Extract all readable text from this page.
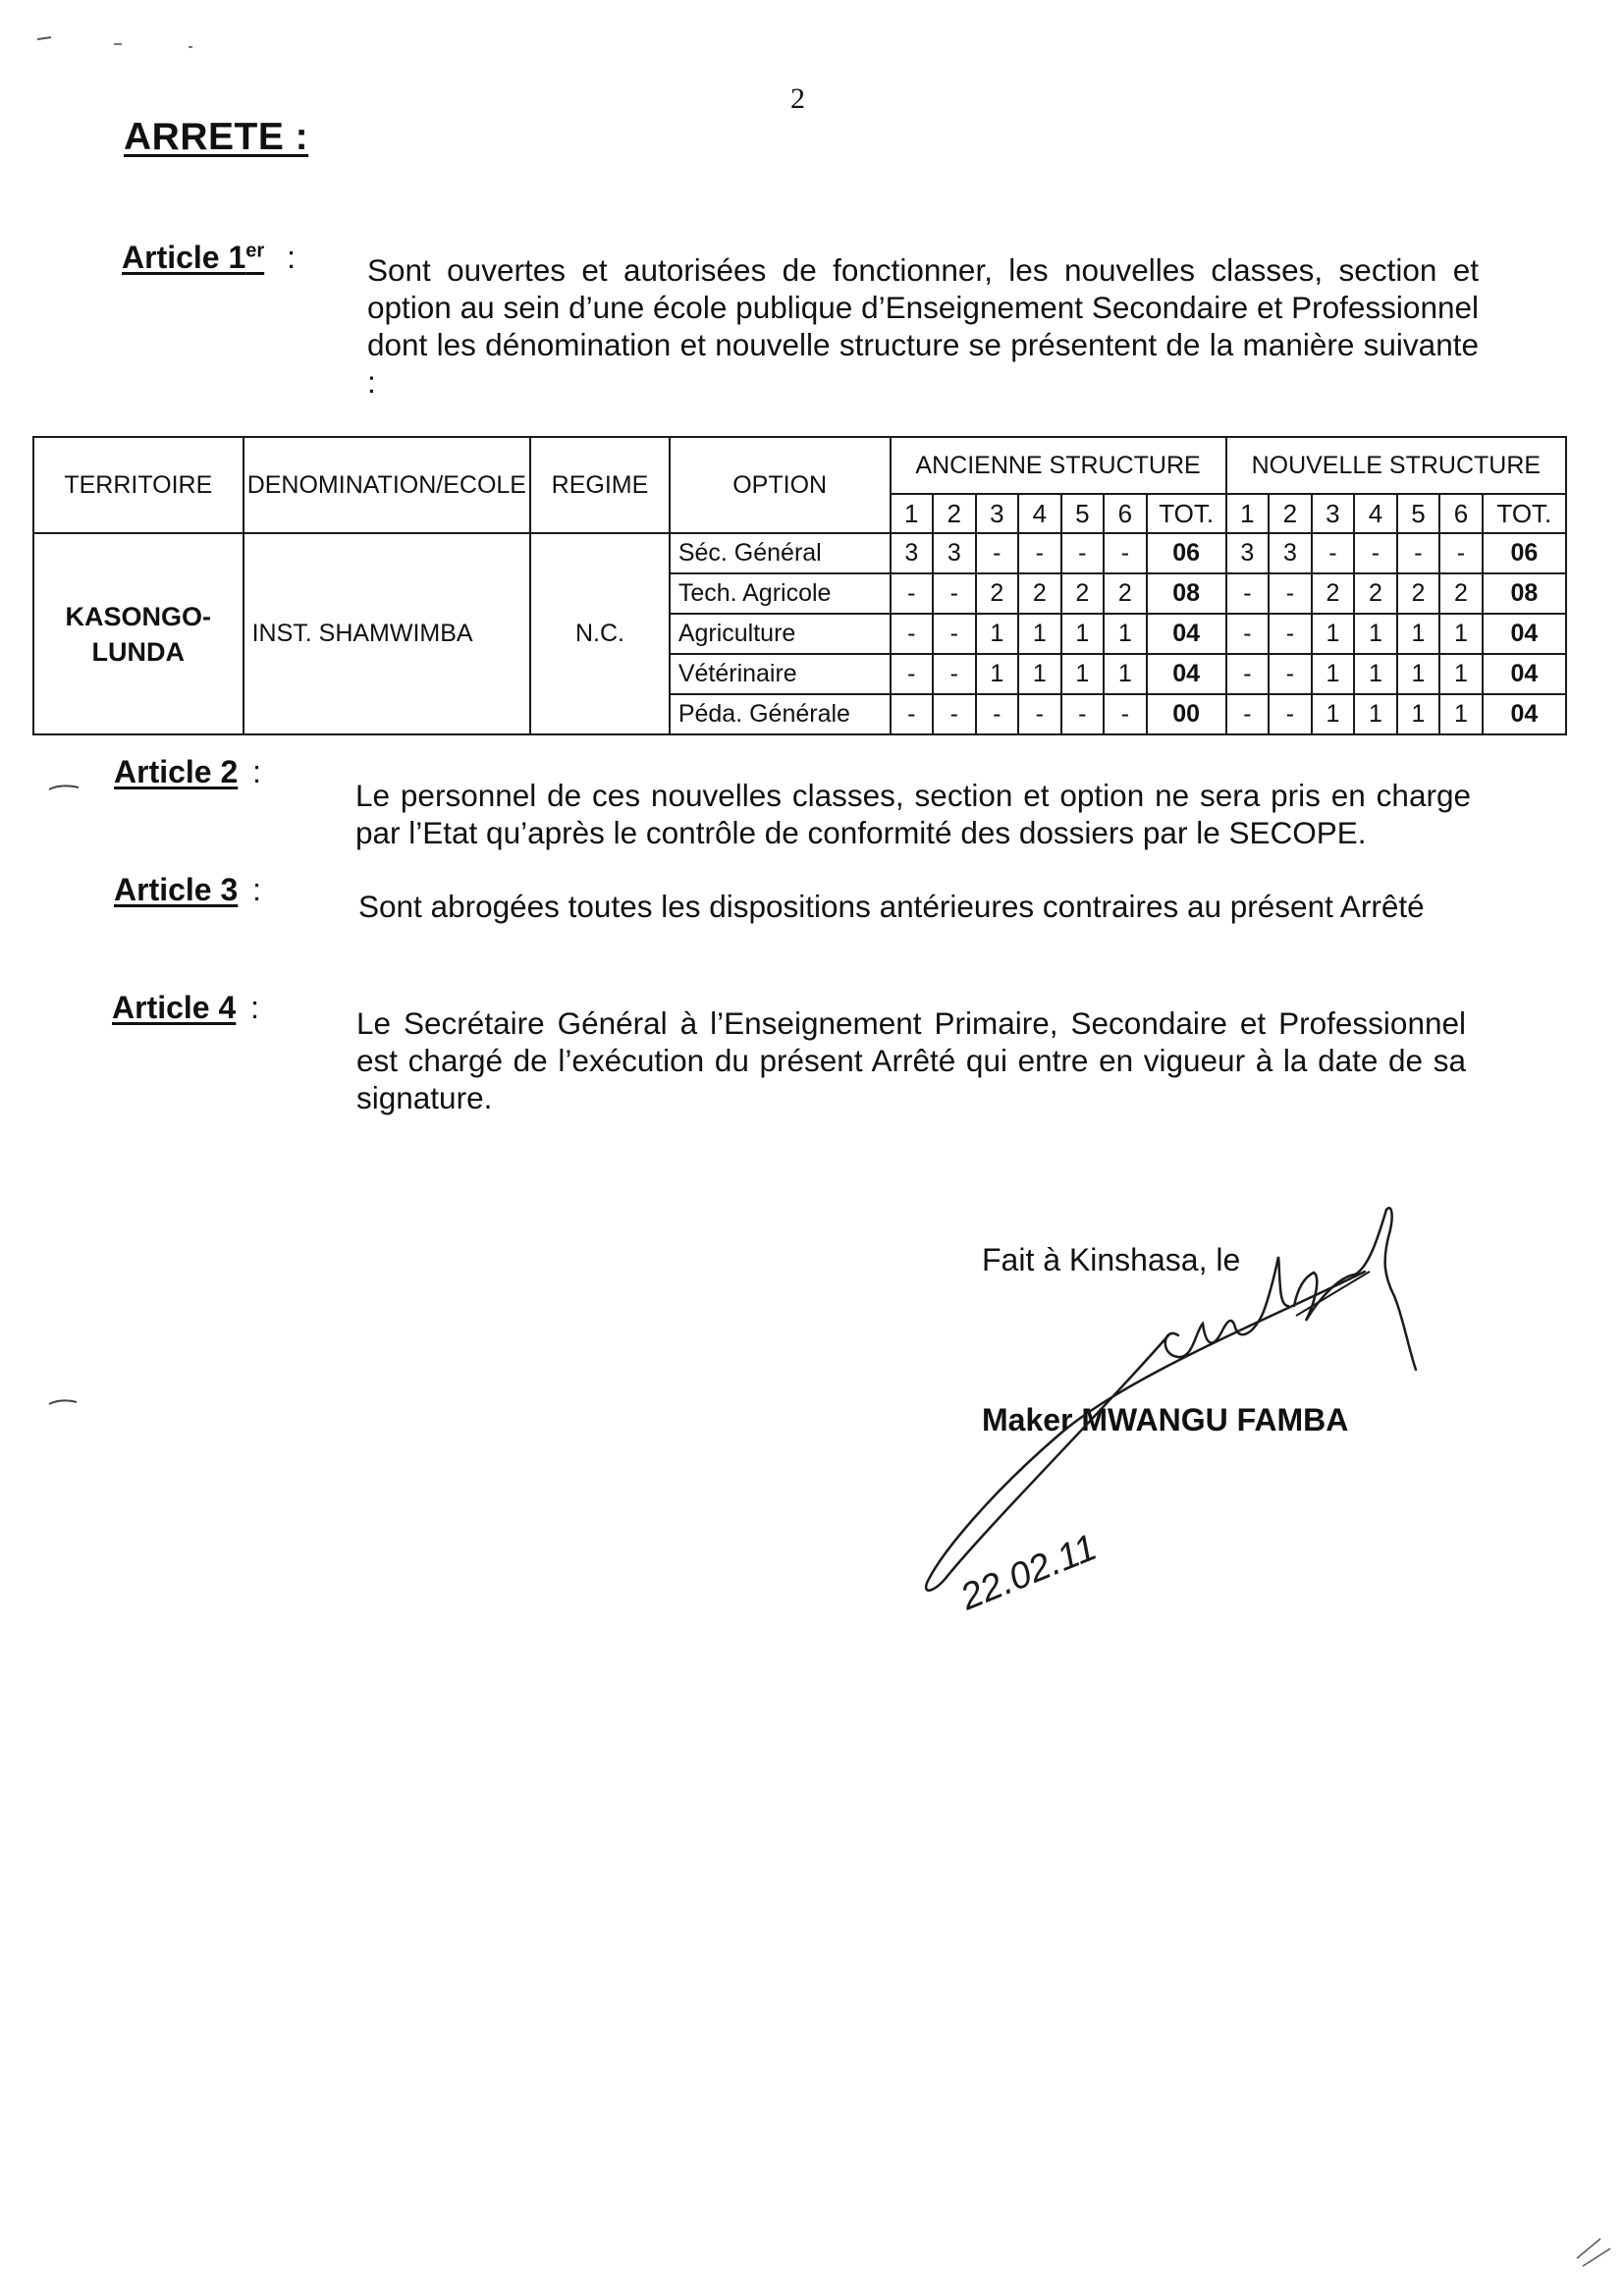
2
ARRETE :
Article 1er : Sont ouvertes et autorisées de fonctionner, les nouvelles classes, section et option au sein d’une école publique d’Enseignement Secondaire et Professionnel dont les dénomination et nouvelle structure se présentent de la manière suivante :
TERRITOIRE	DENOMINATION/ECOLE	REGIME	OPTION	ANCIENNE STRUCTURE							NOUVELLE STRUCTURE						
				1	2	3	4	5	6	TOT.	1	2	3	4	5	6	TOT.
KASONGO-
LUNDA	INST. SHAMWIMBA	N.C.	Séc. Général	3	3	-	-	-	-	06	3	3	-	-	-	-	06
			Tech. Agricole	-	-	2	2	2	2	08	-	-	2	2	2	2	08
			Agriculture	-	-	1	1	1	1	04	-	-	1	1	1	1	04
			Vétérinaire	-	-	1	1	1	1	04	-	-	1	1	1	1	04
			Péda. Générale	-	-	-	-	-	-	00	-	-	1	1	1	1	04
Article 2 :
Le personnel de ces nouvelles classes, section et option ne sera pris en charge par l’Etat qu’après le contrôle de conformité des dossiers par le SECOPE.
Article 3 :	Sont abrogées toutes les dispositions antérieures contraires au présent Arrêté
Article 4 :	Le Secrétaire Général à l’Enseignement Primaire, Secondaire et Professionnel est chargé de l’exécution du présent Arrêté qui entre en vigueur à la date de sa signature.
Fait à Kinshasa, le
Maker MWANGU FAMBA
22.02.11
